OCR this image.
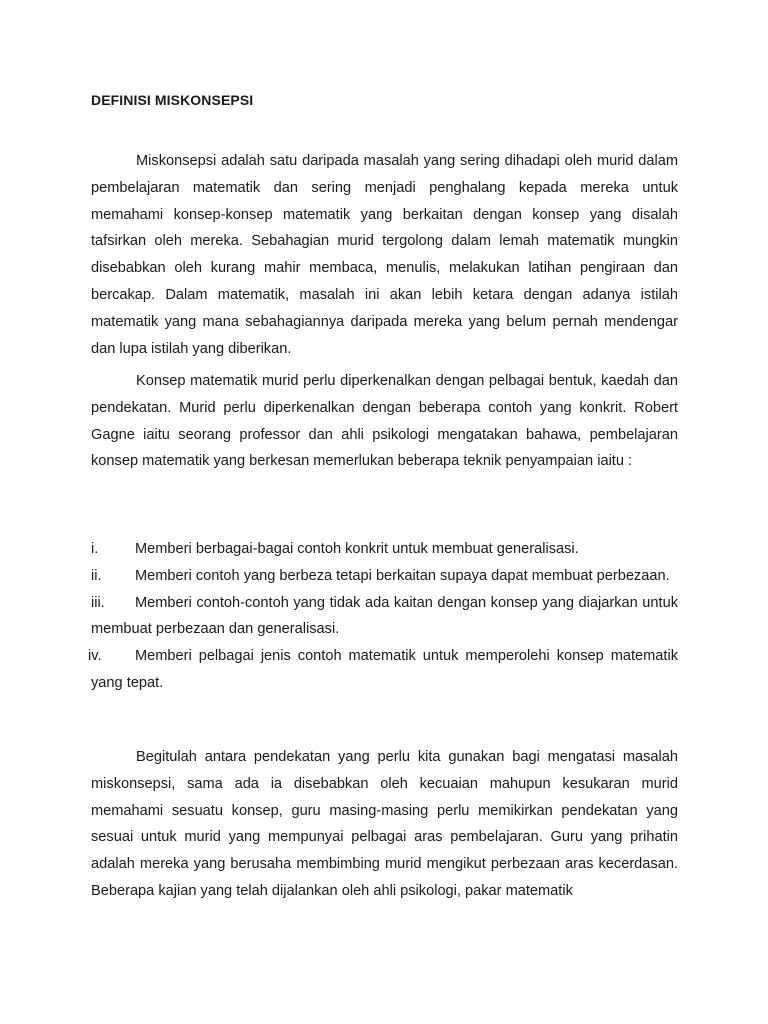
DEFINISI MISKONSEPSI

Miskonsepsi adalah satu daripada masalah yang sering dihadapi oleh murid dalam pembelajaran matematik dan sering menjadi penghalang kepada mereka untuk memahami konsep-konsep matematik yang berkaitan dengan konsep yang disalah tafsirkan oleh mereka. Sebahagian murid tergolong dalam lemah matematik mungkin disebabkan oleh kurang mahir membaca, menulis, melakukan latihan pengiraan dan bercakap. Dalam matematik, masalah ini akan lebih ketara dengan adanya istilah matematik yang mana sebahagiannya daripada mereka yang belum pernah mendengar dan lupa istilah yang diberikan.

Konsep matematik murid perlu diperkenalkan dengan pelbagai bentuk, kaedah dan pendekatan. Murid perlu diperkenalkan dengan beberapa contoh yang konkrit. Robert Gagne iaitu seorang professor dan ahli psikologi mengatakan bahawa, pembelajaran konsep matematik yang berkesan memerlukan beberapa teknik penyampaian iaitu :

i.	Memberi berbagai-bagai contoh konkrit untuk membuat generalisasi.
ii. Memberi contoh yang berbeza tetapi berkaitan supaya dapat membuat perbezaan.
iii. Memberi contoh-contoh yang tidak ada kaitan dengan konsep yang diajarkan untuk membuat perbezaan dan generalisasi.
iv. Memberi pelbagai jenis contoh matematik untuk memperolehi konsep matematik yang tepat.

Begitulah antara pendekatan yang perlu kita gunakan bagi mengatasi masalah miskonsepsi, sama ada ia disebabkan oleh kecuaian mahupun kesukaran murid memahami sesuatu konsep, guru masing-masing perlu memikirkan pendekatan yang sesuai untuk murid yang mempunyai pelbagai aras pembelajaran. Guru yang prihatin adalah mereka yang berusaha membimbing murid mengikut perbezaan aras kecerdasan. Beberapa kajian yang telah dijalankan oleh ahli psikologi, pakar matematik
